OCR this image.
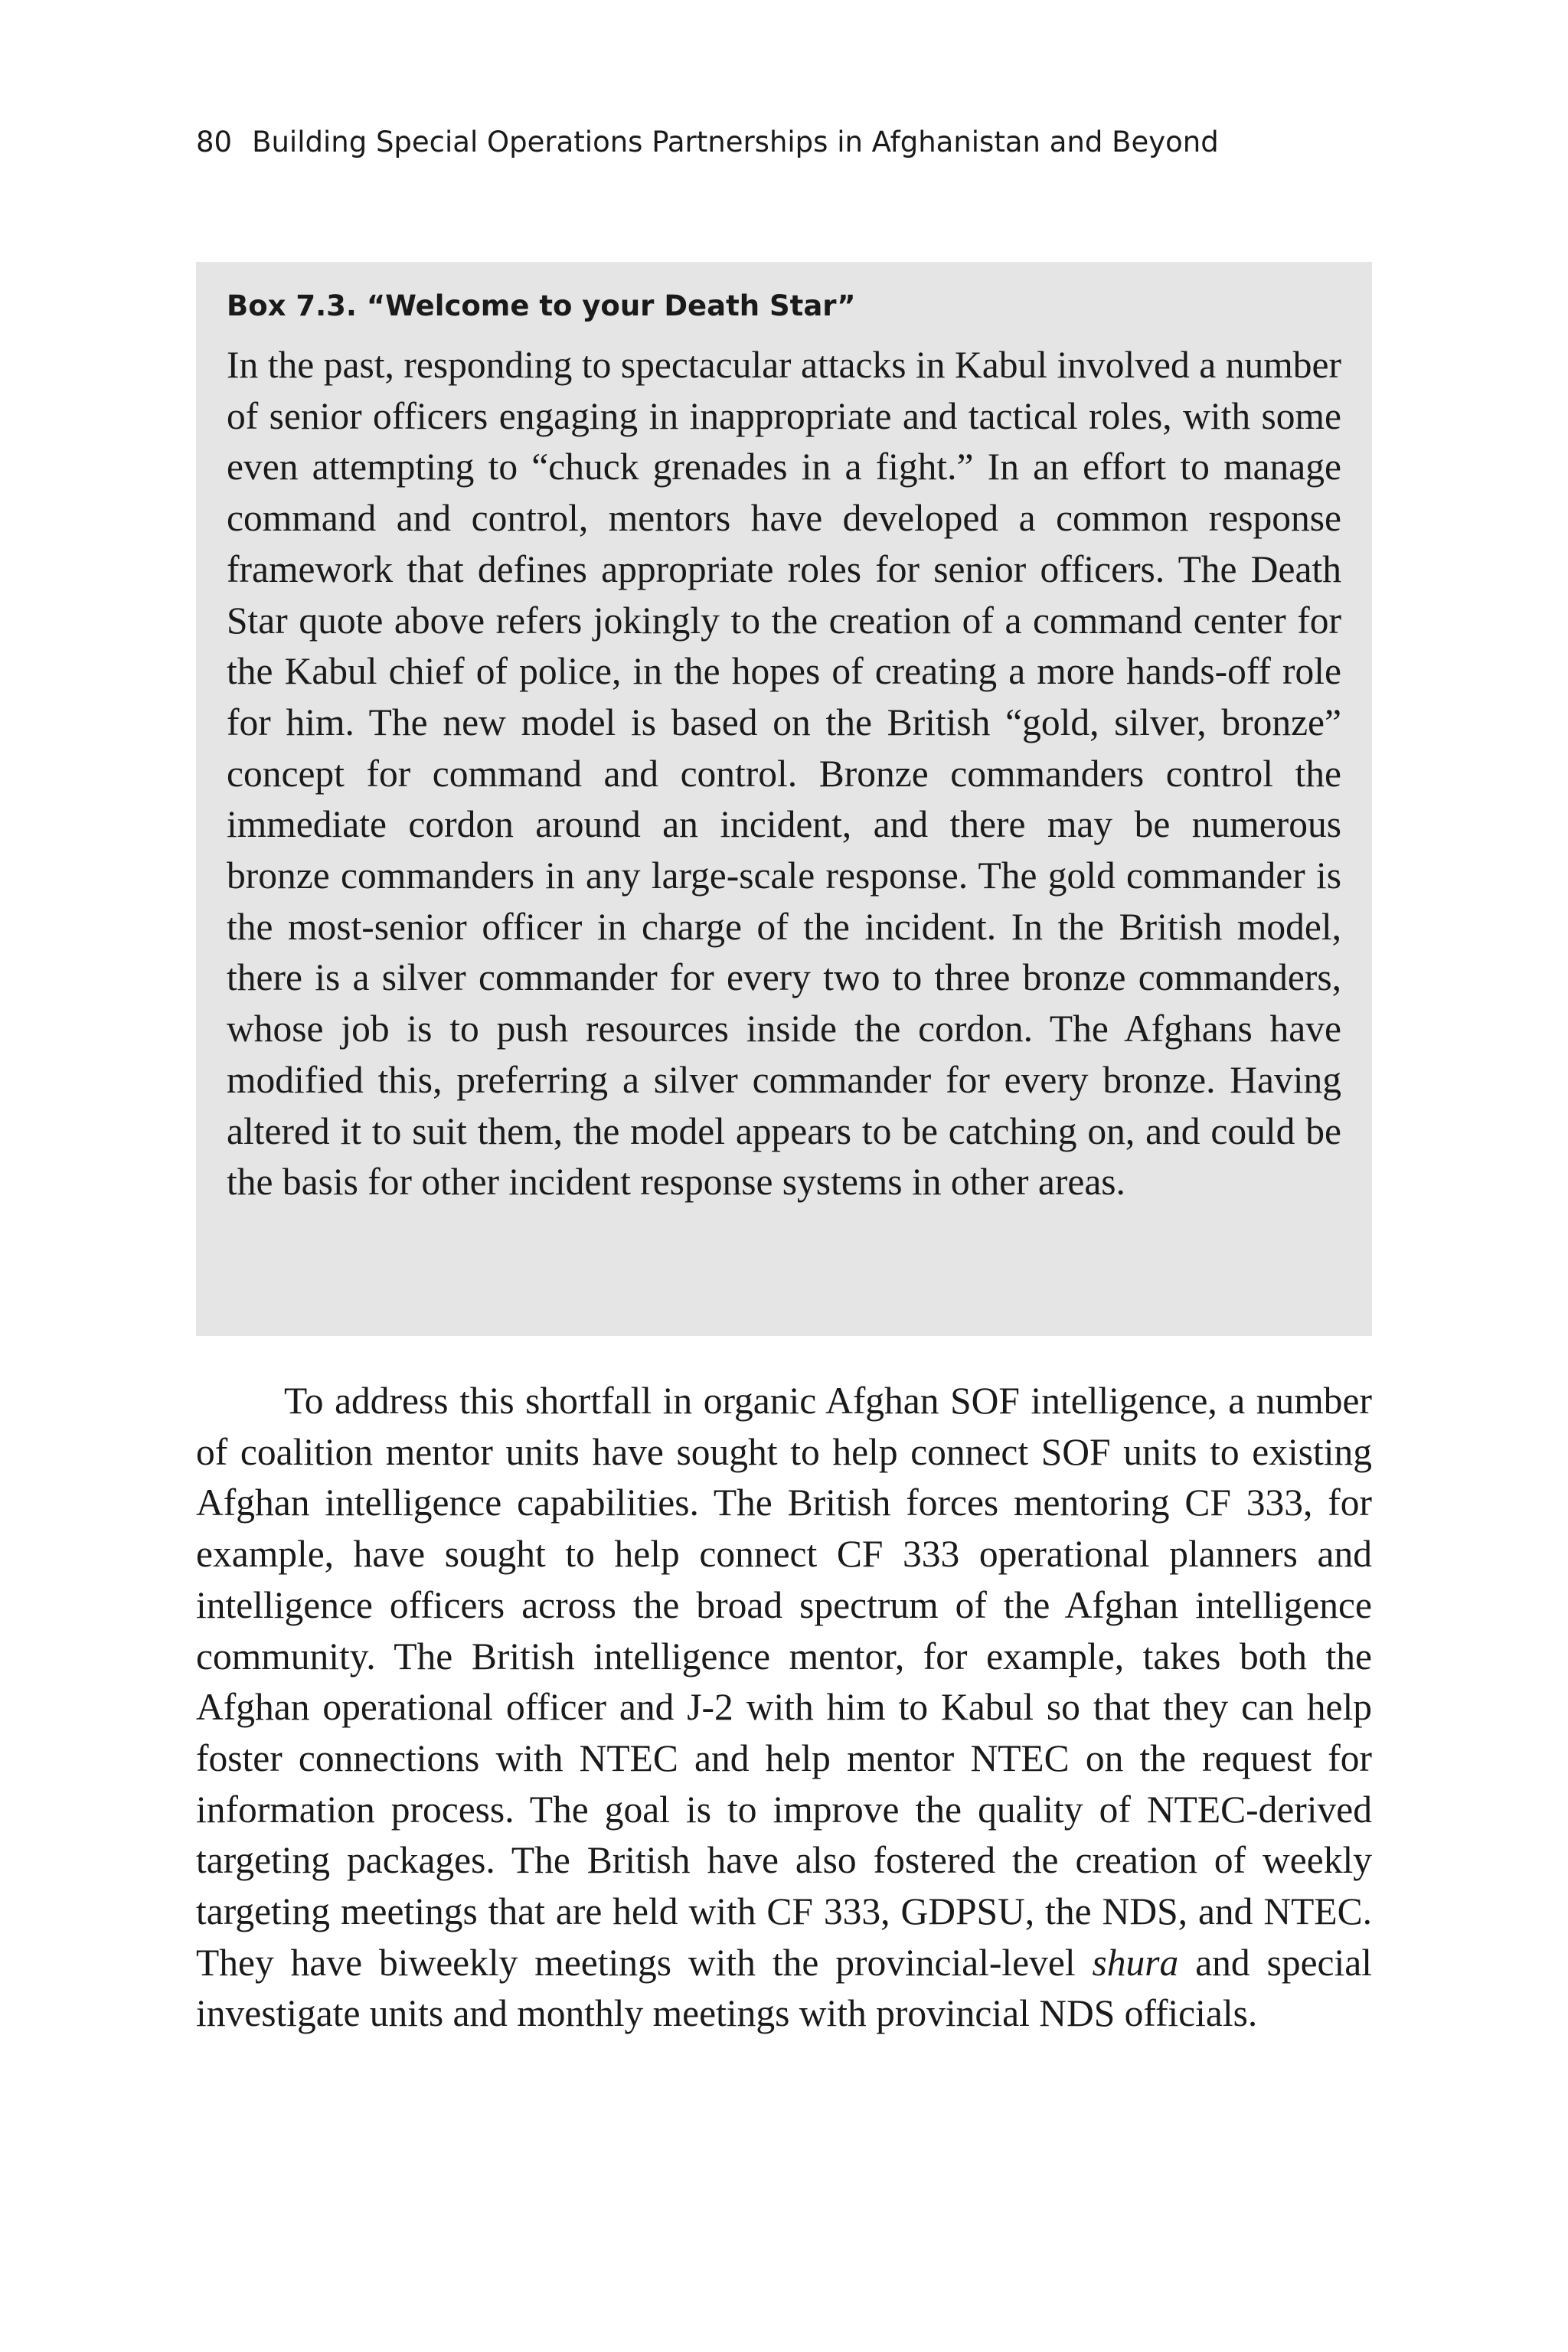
80 Building Special Operations Partnerships in Afghanistan and Beyond
Box 7.3. “Welcome to your Death Star”

In the past, responding to spectacular attacks in Kabul involved a number of senior officers engaging in inappropriate and tactical roles, with some even attempting to “chuck grenades in a fight.” In an effort to manage command and control, mentors have developed a common response framework that defines appropriate roles for senior officers. The Death Star quote above refers jokingly to the creation of a command center for the Kabul chief of police, in the hopes of creating a more hands-off role for him. The new model is based on the British “gold, silver, bronze” concept for command and control. Bronze commanders control the immediate cordon around an incident, and there may be numerous bronze commanders in any large-scale response. The gold commander is the most-senior officer in charge of the incident. In the British model, there is a silver commander for every two to three bronze commanders, whose job is to push resources inside the cordon. The Afghans have modified this, preferring a silver commander for every bronze. Having altered it to suit them, the model appears to be catching on, and could be the basis for other incident response systems in other areas.

To address this shortfall in organic Afghan SOF intelligence, a number of coalition mentor units have sought to help connect SOF units to existing Afghan intelligence capabilities. The British forces mentoring CF 333, for example, have sought to help connect CF 333 operational planners and intelligence officers across the broad spectrum of the Afghan intelligence community. The British intelligence mentor, for example, takes both the Afghan operational officer and J-2 with him to Kabul so that they can help foster connections with NTEC and help mentor NTEC on the request for information process. The goal is to improve the quality of NTEC-derived targeting packages. The British have also fostered the creation of weekly targeting meetings that are held with CF 333, GDPSU, the NDS, and NTEC. They have biweekly meetings with the provincial-level shura and special investigate units and monthly meetings with provincial NDS officials.
